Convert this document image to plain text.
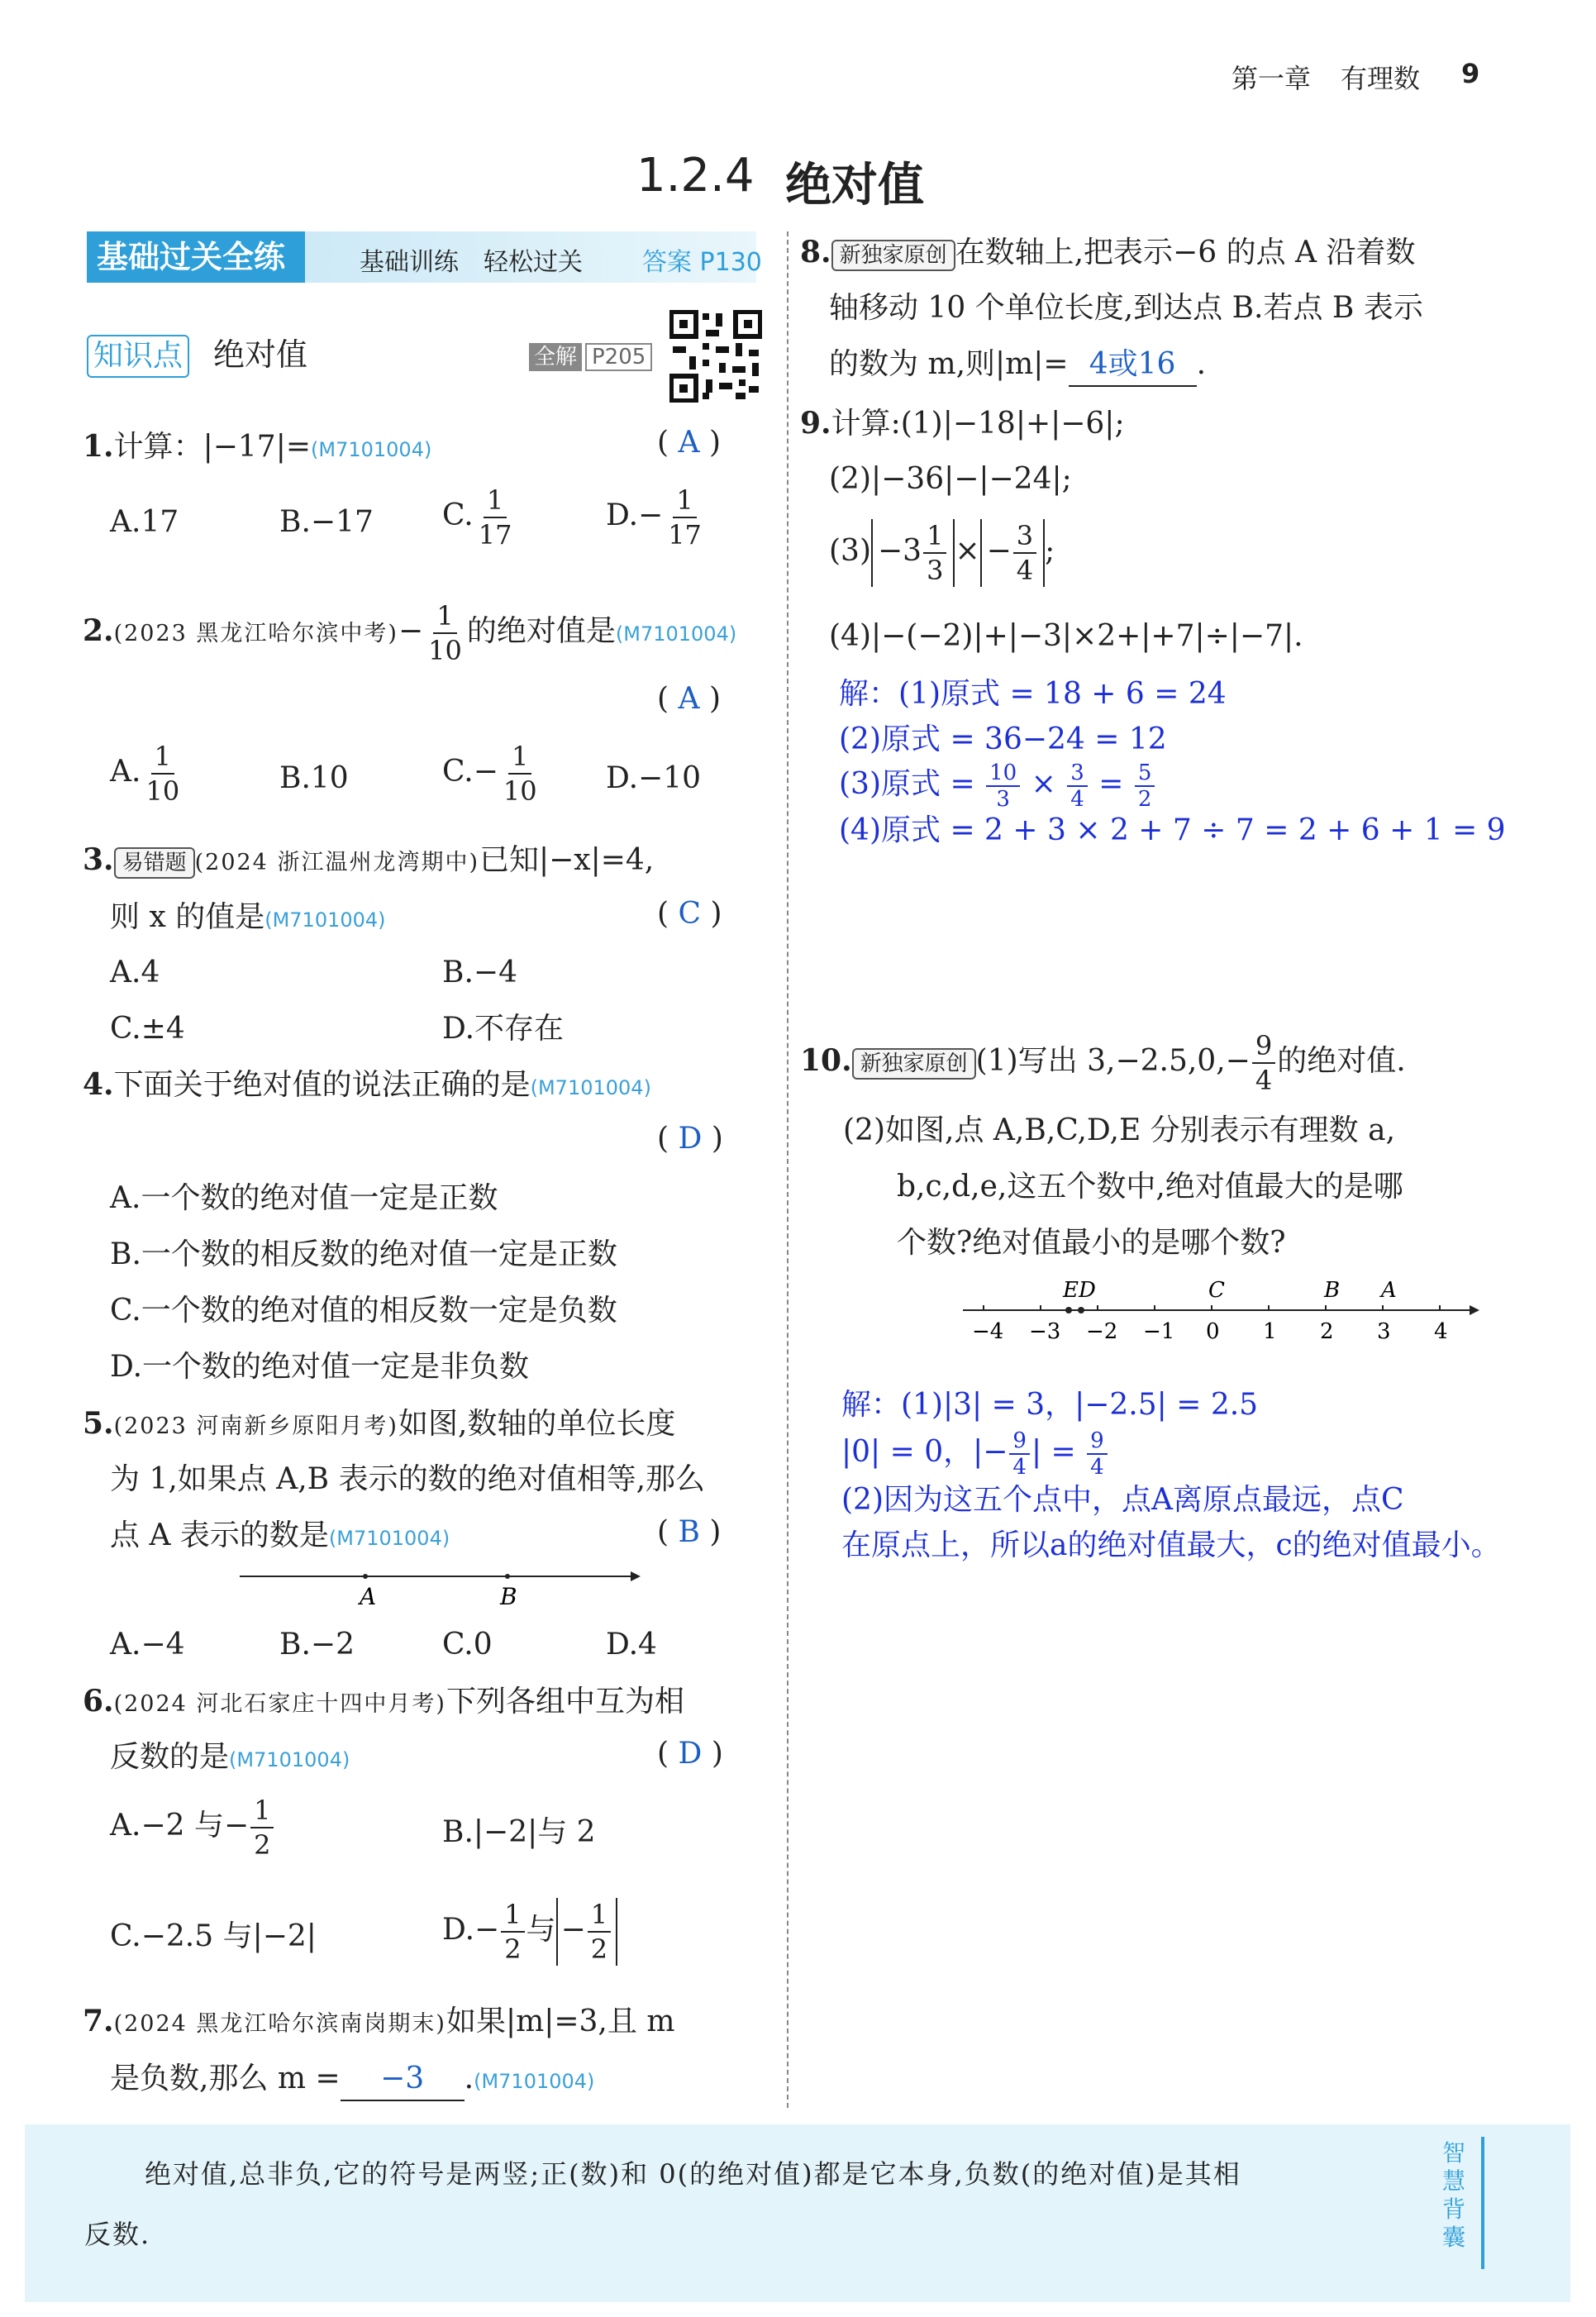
第一章 有理数 9
1.2.4 绝对值
基础过关全练	基础训练 轻松过关 答案 P130
知识点 绝对值	全解 P205
1.计算：|−17|=(M7101004)	( A )
A.17	B.−17 C. $\frac{1}{17}$	$D.- \frac{1}{17}$
2.(2023 黑龙江哈尔滨中考)− $\frac{1}{10}$ 的绝对值是(M7101004)
( A )
A. $\frac{1}{10}$	B.10	$C.- \frac{1}{10} D.-10$
3. 易错题 (2024 浙江温州龙湾期中)已知|−x|=4,
则 x 的值是(M7101004)	( C )
A.4	B.−4
C.±4	D.不存在
4.下面关于绝对值的说法正确的是(M7101004)
( D )
A.一个数的绝对值一定是正数
B.一个数的相反数的绝对值一定是正数
C.一个数的绝对值的相反数一定是负数
D.一个数的绝对值一定是非负数
5.(2023 河南新乡原阳月考)如图,数轴的单位长度
为 1,如果点 A,B 表示的数的绝对值相等,那么
点 A 表示的数是(M7101004)	( B )
A	B
A.−4	B.−2	C.0	D.4
6.(2024 河北石家庄十四中月考)下列各组中互为相
反数的是(M7101004)	( D )
A.−2 与− $\frac{1}{2}$	B.|−2|与 2
C.−2.5 与|−2|	$D.- \frac{1}{2}$ 与 − $\frac{1}{2}$
7.(2024 黑龙江哈尔滨南岗期末)如果|m|=3,且 m
是负数,那么 m = −3 .(M7101004)
8. 新独家原创 在数轴上,把表示−6 的点 A 沿着数
轴移动 10 个单位长度,到达点 B.若点 B 表示
的数为 m,则|m|= 4或16 .
9.计算:(1)|−18|+|−6|;
(2)|−36|−|−24|;
$(3) -3 \frac{1}{3}$ × − $\frac{3}{4}$ ;
(4)|−(−2)|+|−3|×2+|+7|÷|−7|.
解：(1)原式 = 18 + 6 = 24
(2)原式 = 36−24 = 12
(3)原式 = $\frac{10}{3} \times \frac{3}{4} = \frac{5}{2}$
(4)原式 = 2 + 3 × 2 + 7 ÷ 7 = 2 + 6 + 1 = 9
10. 新独家原创 (1)写出 $3,-2.5,0,- \frac{9}{4}$ 的绝对值.
(2)如图,点 A,B,C,D,E 分别表示有理数 a,
b,c,d,e,这五个数中,绝对值最大的是哪
个数?绝对值最小的是哪个数?
−4 −3 −2 −1 0 1 2 3 4
ED	C	B A
解：(1)|3| = 3，|−2.5| = 2.5
|0| = 0，|− $\frac{9}{4}$ | = $\frac{9}{4}$
(2)因为这五个点中，点A离原点最远，点C
在原点上，所以a的绝对值最大，c的绝对值最小。
绝对值,总非负,它的符号是两竖;正(数)和 0(的绝对值)都是它本身,负数(的绝对值)是其相
反数.
智慧背囊
